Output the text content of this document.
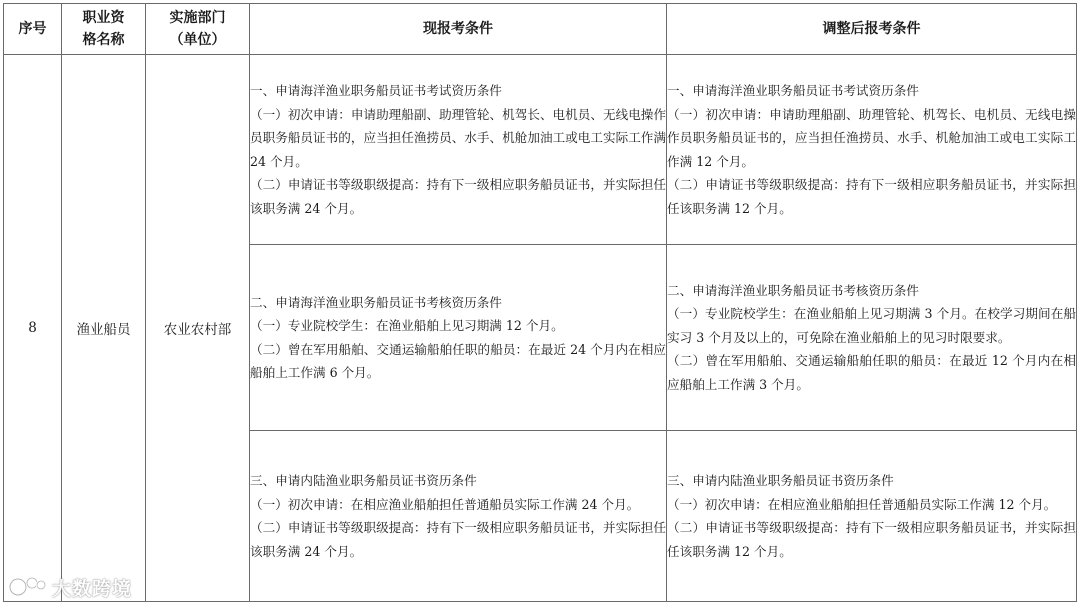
序号	职业资格名称	实施部门（单位）	现报考条件	调整后报考条件
8	渔业船员	农业农村部	一、申请海洋渔业职务船员证书考试资历条件
（一）初次申请：申请助理船副、助理管轮、机驾长、电机员、无线电操作员职务船员证书的，应当担任渔捞员、水手、机舱加油工或电工实际工作满 24 个月。
（二）申请证书等级职级提高：持有下一级相应职务船员证书，并实际担任该职务满 24 个月。	一、申请海洋渔业职务船员证书考试资历条件
（一）初次申请：申请助理船副、助理管轮、机驾长、电机员、无线电操作员职务船员证书的，应当担任渔捞员、水手、机舱加油工或电工实际工作满 12 个月。
（二）申请证书等级职级提高：持有下一级相应职务船员证书，并实际担任该职务满 12 个月。

			二、申请海洋渔业职务船员证书考核资历条件
（一）专业院校学生：在渔业船舶上见习期满 12 个月。
（二）曾在军用船舶、交通运输船舶任职的船员：在最近 24 个月内在相应船舶上工作满 6 个月。	二、申请海洋渔业职务船员证书考核资历条件
（一）专业院校学生：在渔业船舶上见习期满 3 个月。在校学习期间在船实习 3 个月及以上的，可免除在渔业船舶上的见习时限要求。
（二）曾在军用船舶、交通运输船舶任职的船员：在最近 12 个月内在相应船舶上工作满 3 个月。

			三、申请内陆渔业职务船员证书资历条件
（一）初次申请：在相应渔业船舶担任普通船员实际工作满 24 个月。
（二）申请证书等级职级提高：持有下一级相应职务船员证书，并实际担任该职务满 24 个月。	三、申请内陆渔业职务船员证书资历条件
（一）初次申请：在相应渔业船舶担任普通船员实际工作满 12 个月。
（二）申请证书等级职级提高：持有下一级相应职务船员证书，并实际担任该职务满 12 个月。
大数跨境
